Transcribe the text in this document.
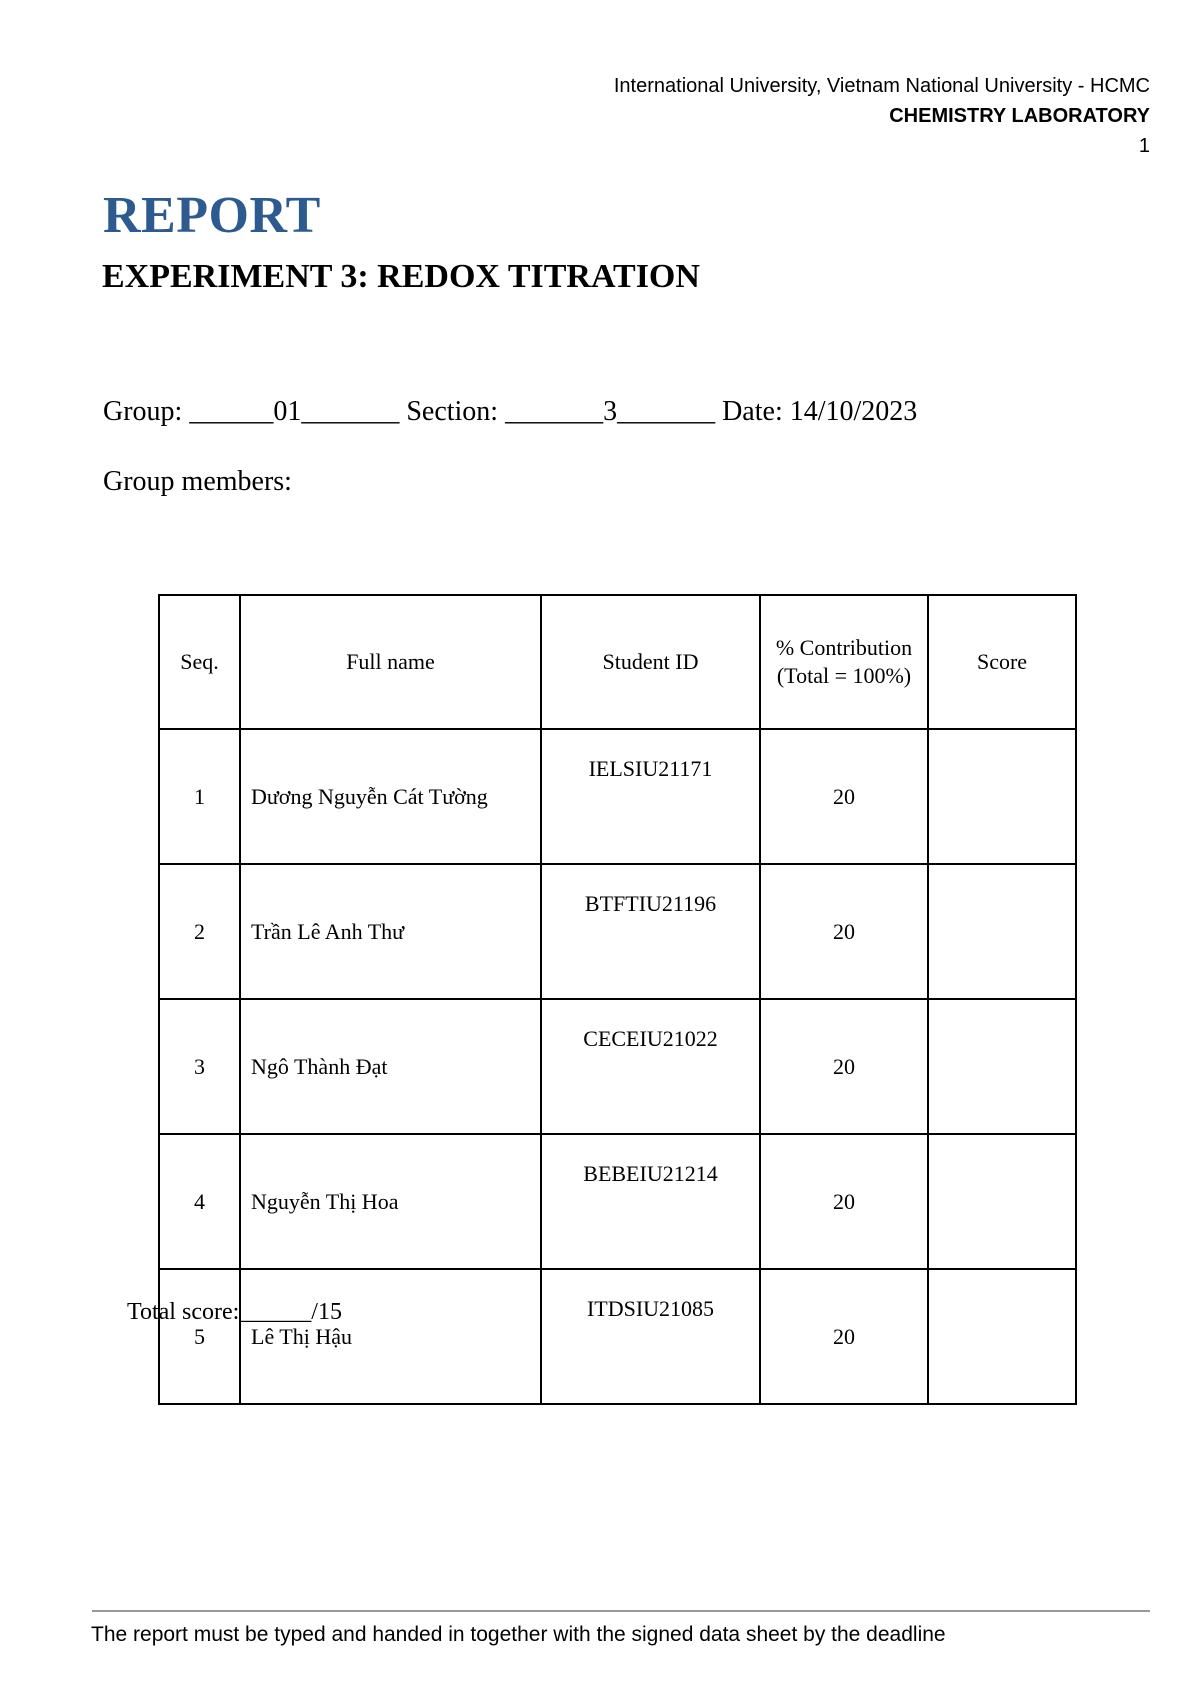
International University, Vietnam National University - HCMC
CHEMISTRY LABORATORY
1
REPORT
EXPERIMENT 3: REDOX TITRATION
Group: ______01_______ Section: _______3_______ Date: 14/10/2023
Group members:
Seq.	Full name	Student ID	% Contribution (Total = 100%)	Score
1	Dương Nguyễn Cát Tường	IELSIU21171	20	
2	Trần Lê Anh Thư	BTFTIU21196	20	
3	Ngô Thành Đạt	CECEIU21022	20	
4	Nguyễn Thị Hoa	BEBEIU21214	20	
5	Lê Thị Hậu	ITDSIU21085	20	
Total score:______/15
The report must be typed and handed in together with the signed data sheet by the deadline
